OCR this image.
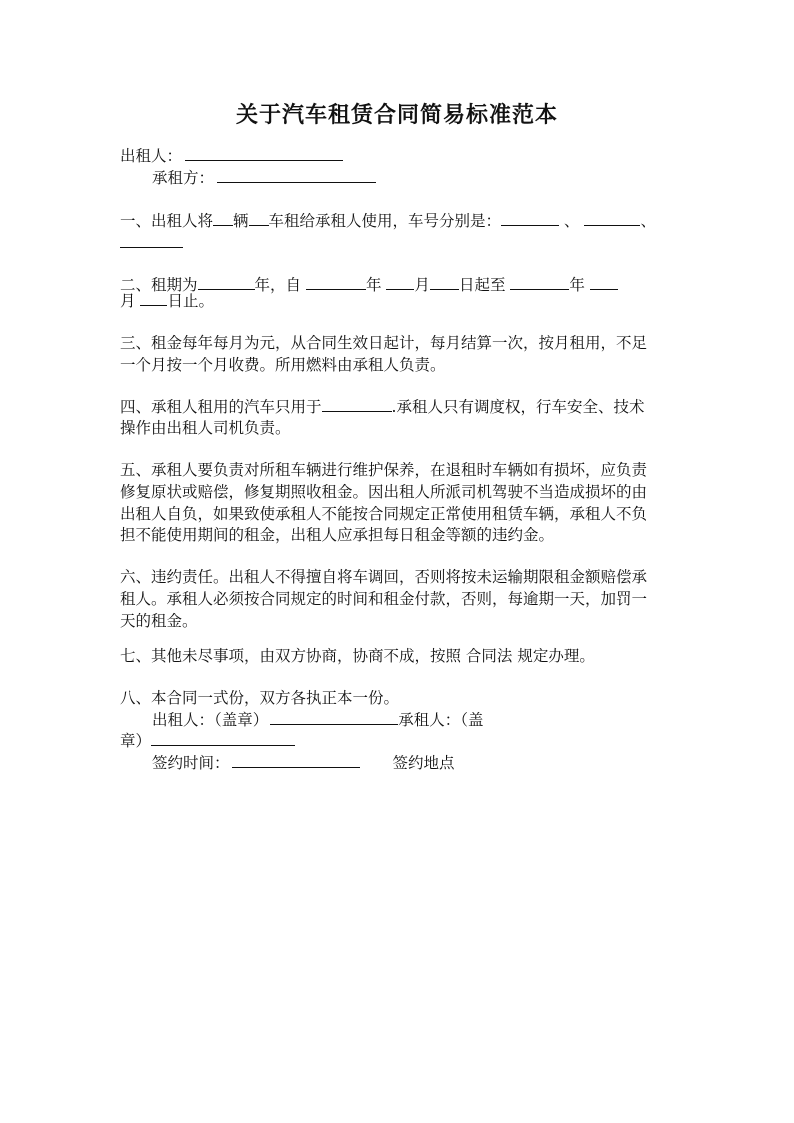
关于汽车租赁合同简易标准范本
出租人：
承租方：
一、出租人将 辆 车租给承租人使用，车号分别是：	、	、
二、租期为	年，自	年 月 日起至	年
月 日止。
三、租金每年每月为元，从合同生效日起计，每月结算一次，按月租用，不足
一个月按一个月收费。所用燃料由承租人负责。
四、承租人租用的汽车只用于	.承租人只有调度权，行车安全、技术
操作由出租人司机负责。
五、承租人要负责对所租车辆进行维护保养，在退租时车辆如有损坏，应负责
修复原状或赔偿，修复期照收租金。因出租人所派司机驾驶不当造成损坏的由
出租人自负，如果致使承租人不能按合同规定正常使用租赁车辆，承租人不负
担不能使用期间的租金，出租人应承担每日租金等额的违约金。
六、违约责任。出租人不得擅自将车调回，否则将按未运输期限租金额赔偿承
租人。承租人必须按合同规定的时间和租金付款，否则，每逾期一天，加罚一
天的租金。
七、其他未尽事项，由双方协商，协商不成，按照 合同法 规定办理。
八、本合同一式份，双方各执正本一份。
出租人：（盖章）	承租人：（盖
章）
签约时间：	签约地点
